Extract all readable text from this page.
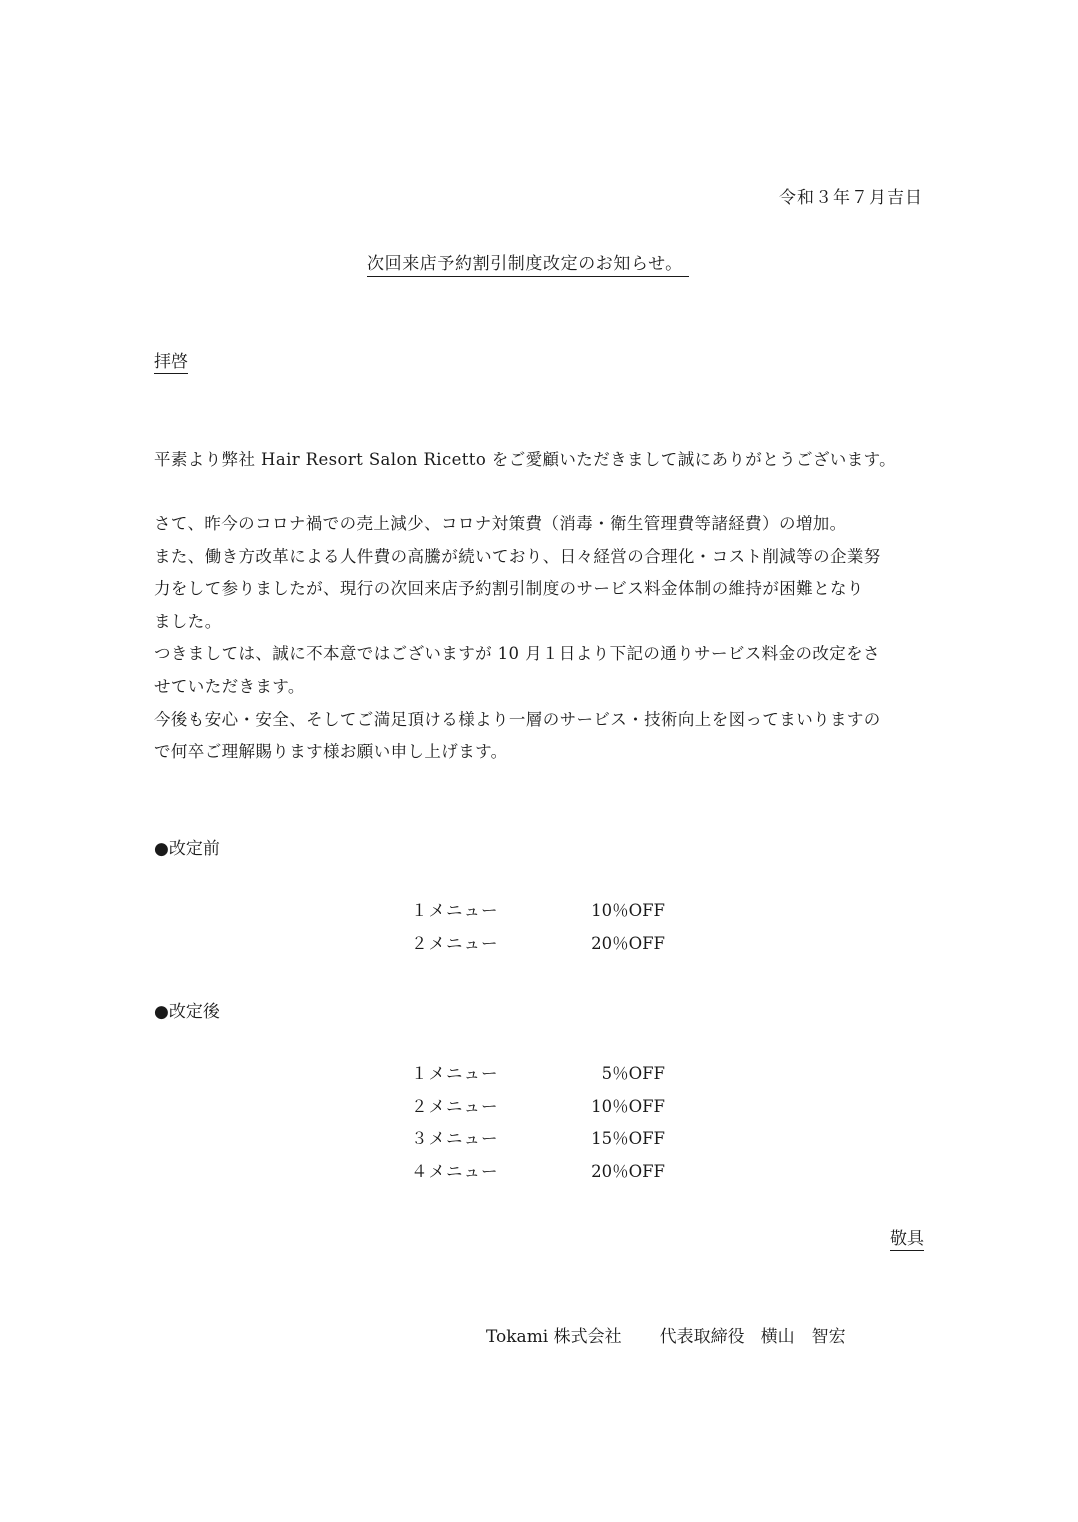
令和３年７月吉日
次回来店予約割引制度改定のお知らせ。
拝啓
平素より弊社 Hair Resort Salon Ricetto をご愛顧いただきまして誠にありがとうございます。
さて、昨今のコロナ禍での売上減少、コロナ対策費（消毒・衛生管理費等諸経費）の増加。
また、働き方改革による人件費の高騰が続いており、日々経営の合理化・コスト削減等の企業努
力をして参りましたが、現行の次回来店予約割引制度のサービス料金体制の維持が困難となり
ました。
つきましては、誠に不本意ではございますが 10 月１日より下記の通りサービス料金の改定をさ
せていただきます。
今後も安心・安全、そしてご満足頂ける様より一層のサービス・技術向上を図ってまいりますの
で何卒ご理解賜ります様お願い申し上げます。
●改定前
１メニュー	10％OFF
２メニュー	20％OFF
●改定後
１メニュー	5％OFF
２メニュー	10％OFF
３メニュー	15％OFF
４メニュー	20％OFF
敬具
Tokami 株式会社 代表取締役 横山　智宏
